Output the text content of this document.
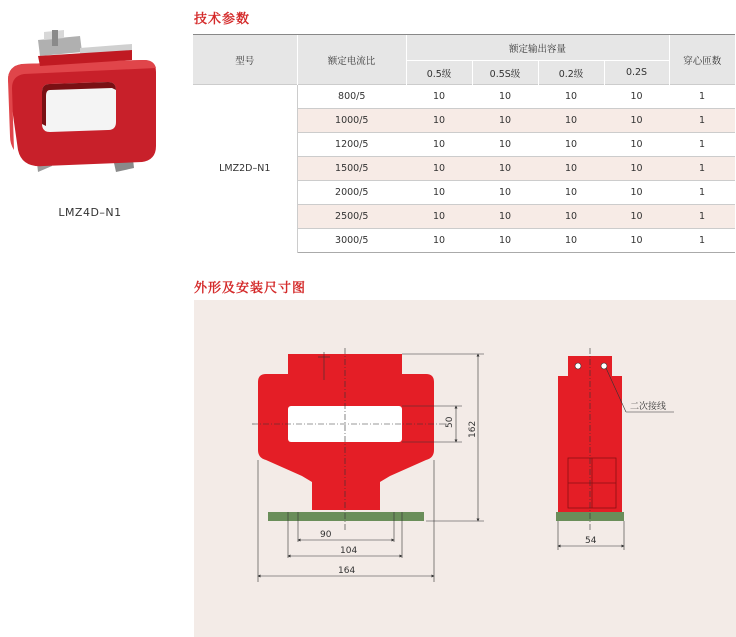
LMZ4D–N1
技术参数
型号	额定电流比	额定输出容量				穿心匝数
		0.5级	0.5S级	0.2级	0.2S	
LMZ2D–N1	800/5	10	10	10	10	1
	1000/5	10	10	10	10	1
	1200/5	10	10	10	10	1
	1500/5	10	10	10	10	1
	2000/5	10	10	10	10	1
	2500/5	10	10	10	10	1
	3000/5	10	10	10	10	1
外形及安装尺寸图
90
104
164
50 162
二次接线
54
